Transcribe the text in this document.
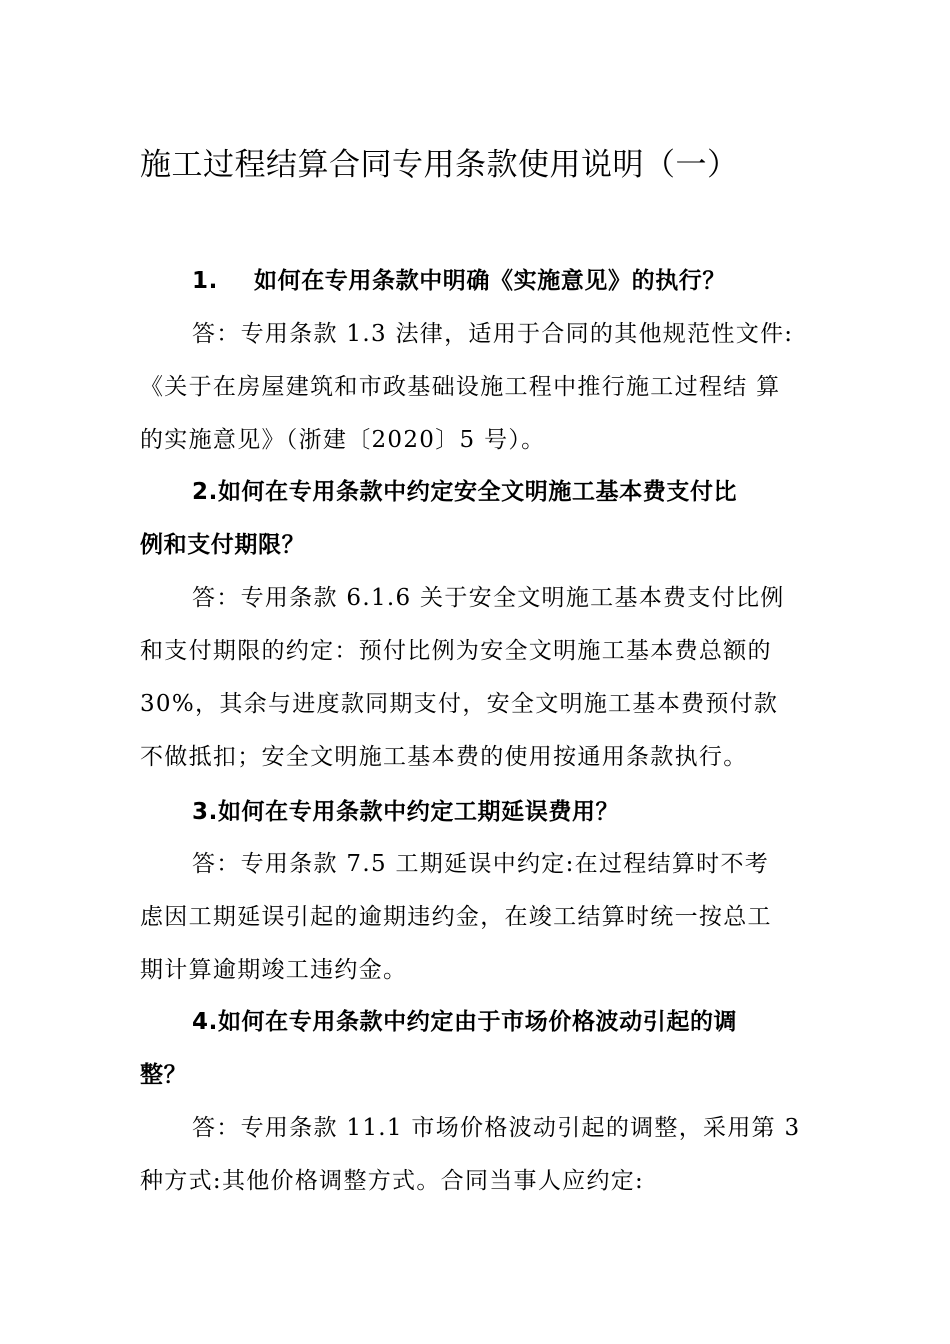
施工过程结算合同专用条款使用说明（一）
1. 如何在专用条款中明确《实施意见》的执行？
答：专用条款 1.3 法律，适用于合同的其他规范性文件:
《关于在房屋建筑和市政基础设施工程中推行施工过程结 算
的实施意见》（浙建〔2020〕5 号）。
2.如何在专用条款中约定安全文明施工基本费支付比
例和支付期限？
答：专用条款 6.1.6 关于安全文明施工基本费支付比例
和支付期限的约定：预付比例为安全文明施工基本费总额的
30%，其余与进度款同期支付，安全文明施工基本费预付款
不做抵扣；安全文明施工基本费的使用按通用条款执行。
3.如何在专用条款中约定工期延误费用？
答：专用条款 7.5 工期延误中约定:在过程结算时不考
虑因工期延误引起的逾期违约金，在竣工结算时统一按总工
期计算逾期竣工违约金。
4.如何在专用条款中约定由于市场价格波动引起的调
整？
答：专用条款 11.1 市场价格波动引起的调整，采用第 3
种方式:其他价格调整方式。合同当事人应约定:
